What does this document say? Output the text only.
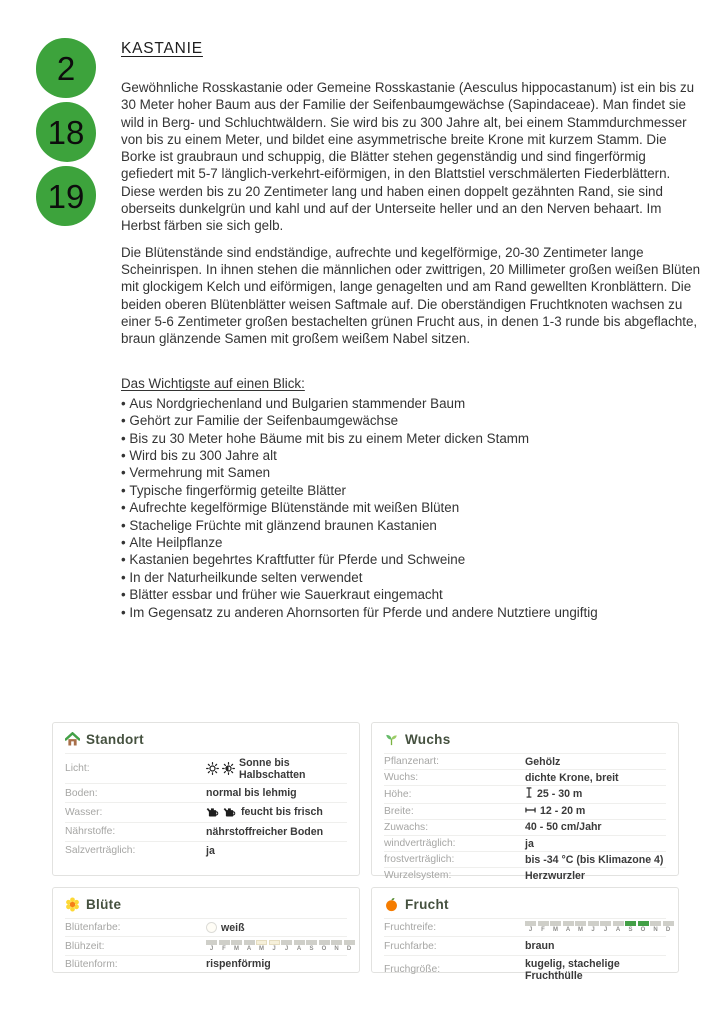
2
18
19
KASTANIE

Gewöhnliche Rosskastanie oder Gemeine Rosskastanie (Aesculus hippocastanum) ist ein bis zu 30 Meter hoher Baum aus der Familie der Seifenbaumgewächse (Sapindaceae). Man findet sie wild in Berg- und Schluchtwäldern. Sie wird bis zu 300 Jahre alt, bei einem Stammdurchmesser von bis zu einem Meter, und bildet eine asymmetrische breite Krone mit kurzem Stamm. Die Borke ist graubraun und schuppig, die Blätter stehen gegenständig und sind fingerförmig gefiedert mit 5-7 länglich-verkehrt-eiförmigen, in den Blattstiel verschmälerten Fiederblättern. Diese werden bis zu 20 Zentimeter lang und haben einen doppelt gezähnten Rand, sie sind oberseits dunkelgrün und kahl und auf der Unterseite heller und an den Nerven behaart. Im Herbst färben sie sich gelb.

Die Blütenstände sind endständige, aufrechte und kegelförmige, 20-30 Zentimeter lange Scheinrispen. In ihnen stehen die männlichen oder zwittrigen, 20 Millimeter großen weißen Blüten mit glockigem Kelch und eiförmigen, lange genagelten und am Rand gewellten Kronblättern. Die beiden oberen Blütenblätter weisen Saftmale auf. Die oberständigen Fruchtknoten wachsen zu einer 5-6 Zentimeter großen bestachelten grünen Frucht aus, in denen 1-3 runde bis abgeflachte, braun glänzende Samen mit großem weißem Nabel sitzen.

Das Wichtigste auf einen Blick:
• Aus Nordgriechenland und Bulgarien stammender Baum
• Gehört zur Familie der Seifenbaumgewächse
• Bis zu 30 Meter hohe Bäume mit bis zu einem Meter dicken Stamm
• Wird bis zu 300 Jahre alt
• Vermehrung mit Samen
• Typische fingerförmig geteilte Blätter
• Aufrechte kegelförmige Blütenstände mit weißen Blüten
• Stachelige Früchte mit glänzend braunen Kastanien
• Alte Heilpflanze
• Kastanien begehrtes Kraftfutter für Pferde und Schweine
• In der Naturheilkunde selten verwendet
• Blätter essbar und früher wie Sauerkraut eingemacht
• Im Gegensatz zu anderen Ahornsorten für Pferde und andere Nutztiere ungiftig
Standort
Licht:	Sonne bis Halbschatten
Boden:	normal bis lehmig
Wasser:	feucht bis frisch
Nährstoffe:	nährstoffreicher Boden
Salzverträglich:	ja
Wuchs
Pflanzenart:	Gehölz
Wuchs:	dichte Krone, breit
Höhe:	25 - 30 m
Breite:	12 - 20 m
Zuwachs:	40 - 50 cm/Jahr
windverträglich:	ja
frostverträglich:	bis -34 °C (bis Klimazone 4)
Wurzelsystem:	Herzwurzler
Blüte
Blütenfarbe:	weiß
Blühzeit:	J	F	M	A	M	J	J	A	S	O	N	D
Blütenform:	rispenförmig
Frucht
Fruchtreife:	J	F	M	A	M	J	J	A	S	O	N	D
Fruchfarbe:	braun
Fruchgröße:	kugelig, stachelige Fruchthülle
